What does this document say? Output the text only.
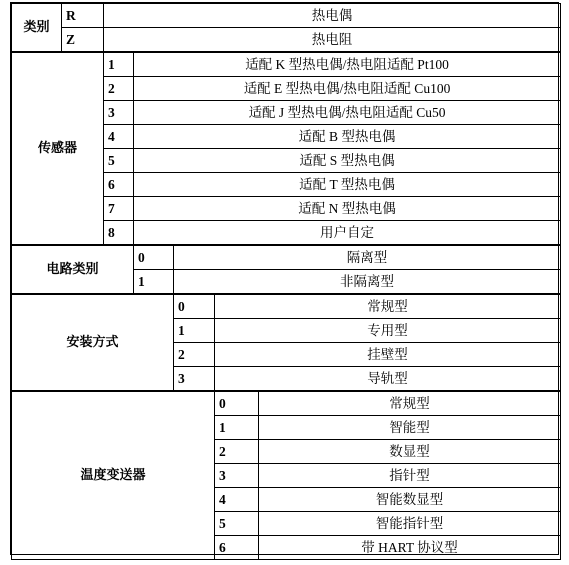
类别	R	热电偶				
	Z	热电阻				
传感器		1	适配 K 型热电偶/热电阻适配 Pt100			
		2	适配 E 型热电偶/热电阻适配 Cu100			
		3	适配 J 型热电偶/热电阻适配 Cu50			
		4	适配 B 型热电偶			
		5	适配 S 型热电偶			
		6	适配 T 型热电偶			
		7	适配 N 型热电偶			
		8	用户自定			
电路类别			0	隔离型		
			1	非隔离型		
安装方式				0	常规型	
				1	专用型	
				2	挂壁型	
				3	导轨型	
温度变送器					0	常规型
					1	智能型
					2	数显型
					3	指针型
					4	智能数显型
					5	智能指针型
					6	带 HART 协议型
